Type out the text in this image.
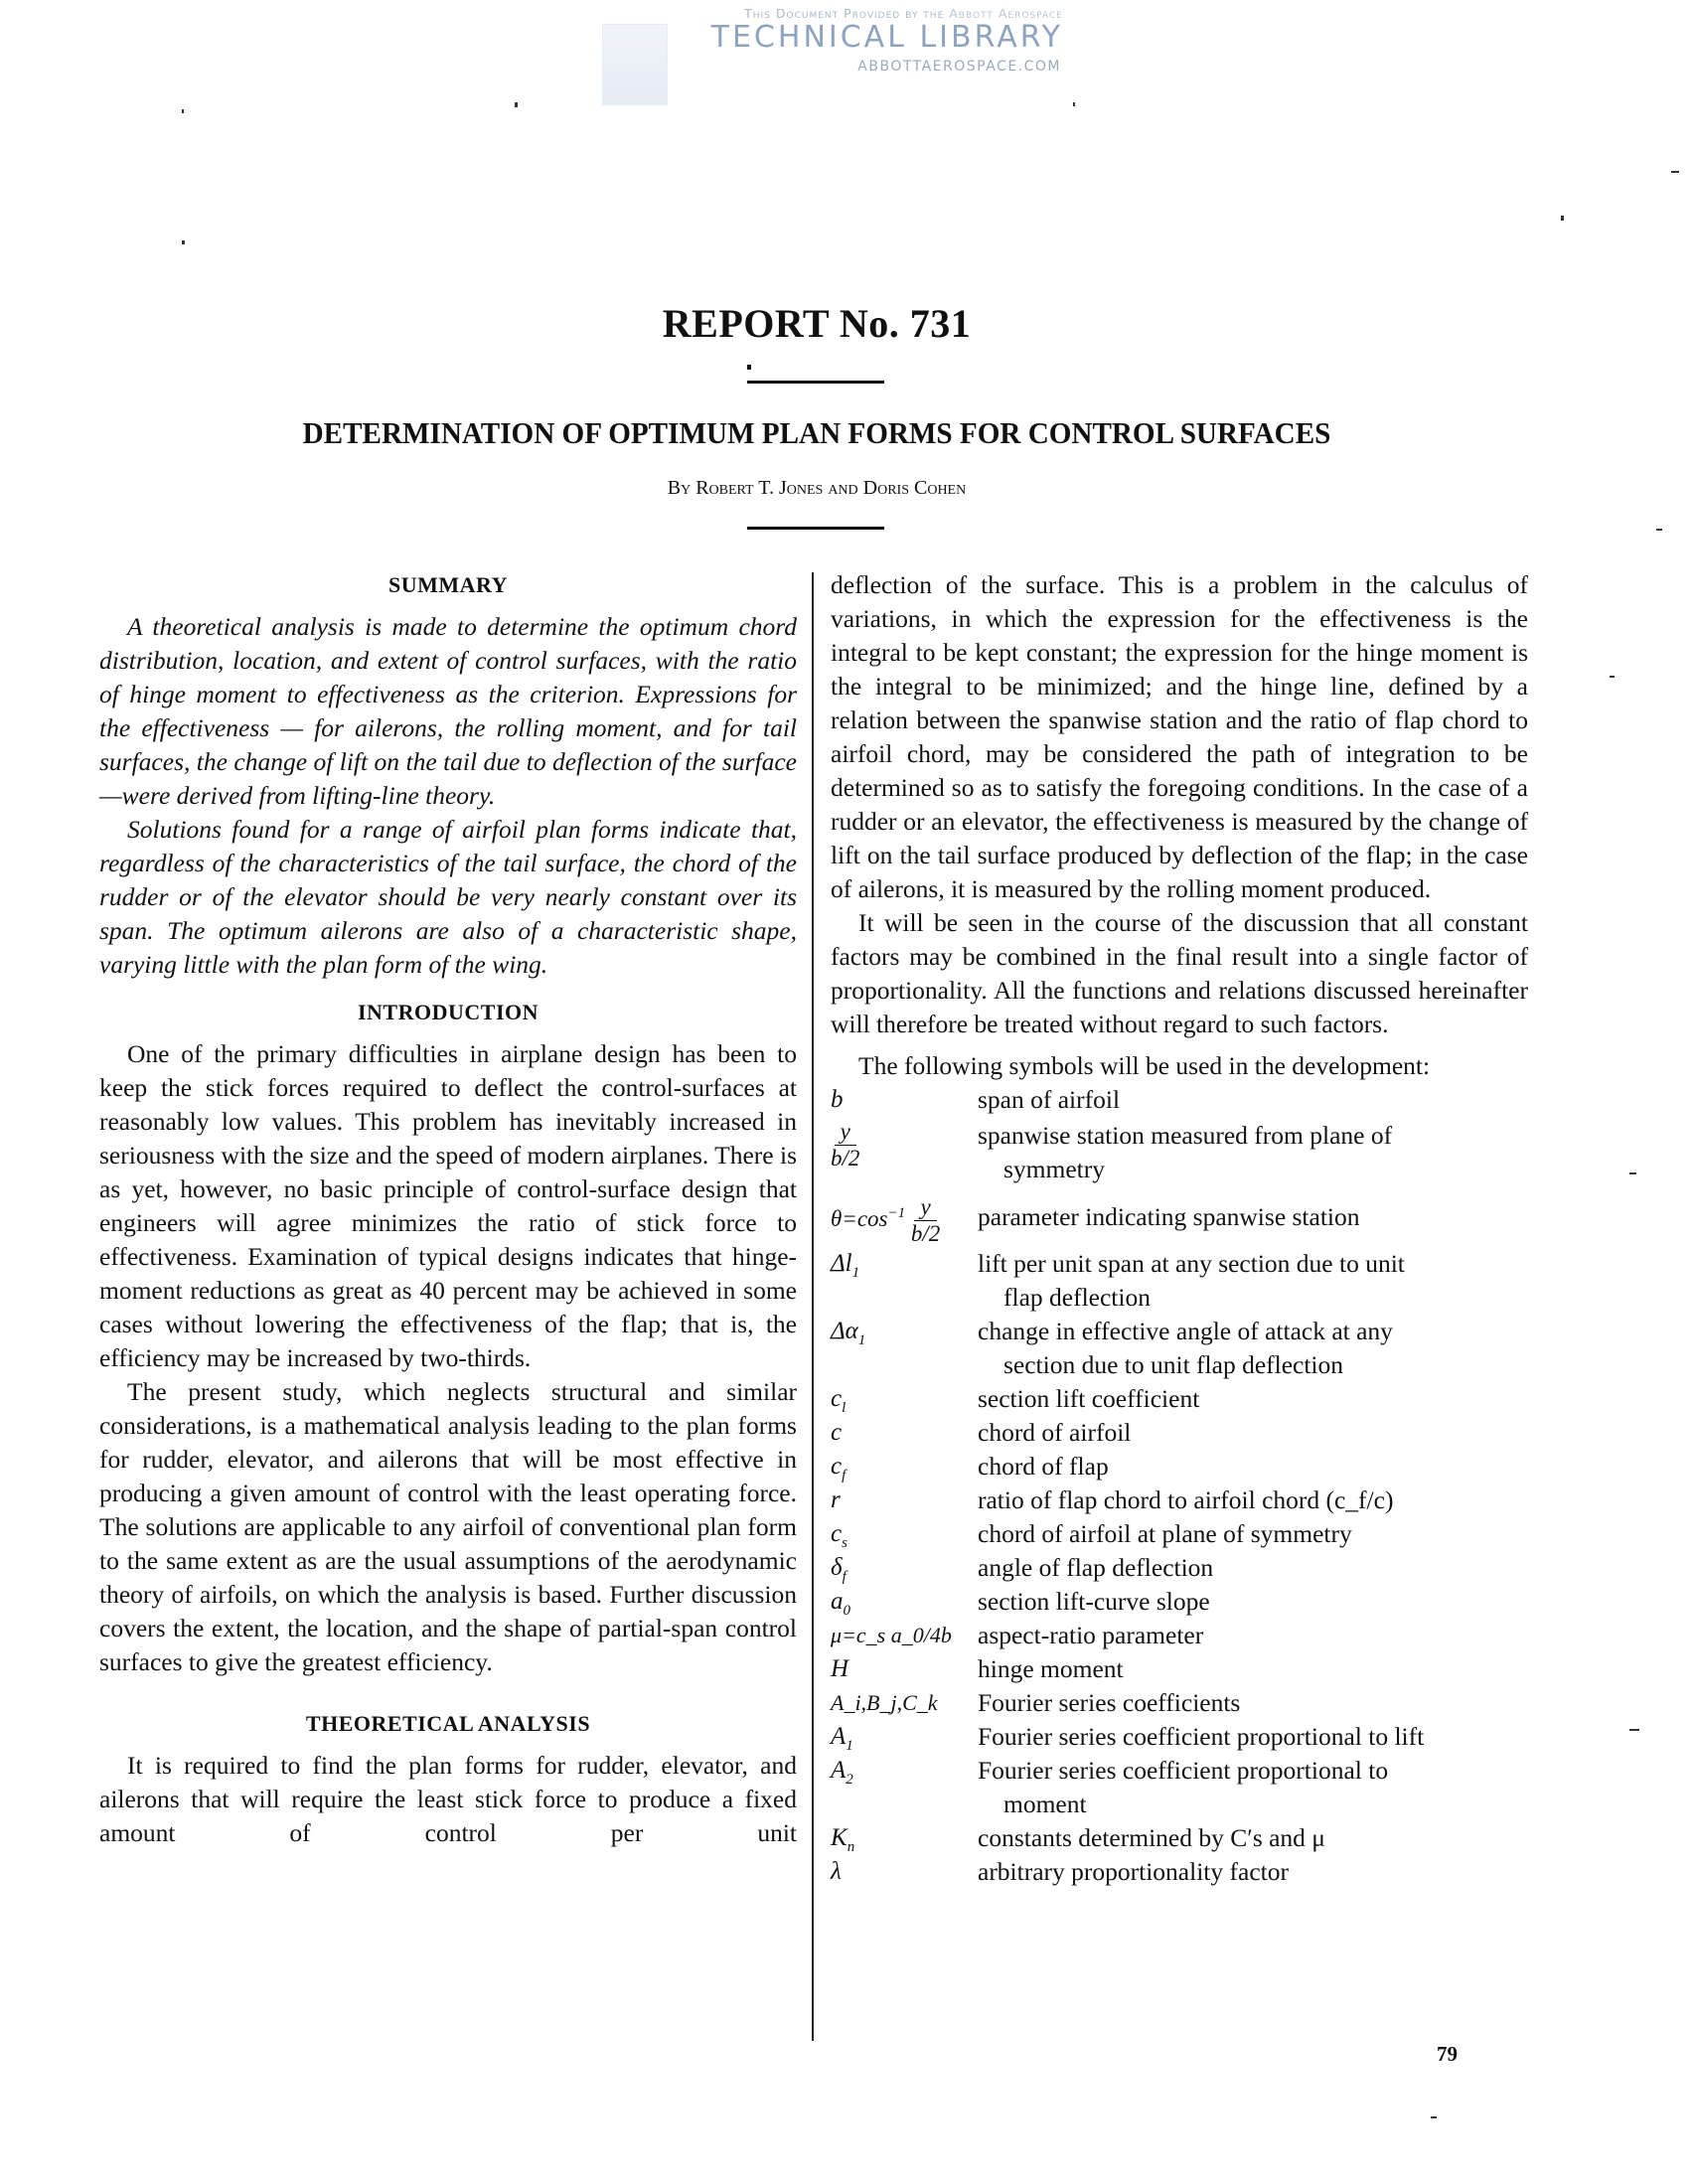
This Document Provided by the Abbott Aerospace
TECHNICAL LIBRARY
ABBOTTAEROSPACE.COM
REPORT No. 731
DETERMINATION OF OPTIMUM PLAN FORMS FOR CONTROL SURFACES
By Robert T. Jones and Doris Cohen
SUMMARY

A theoretical analysis is made to determine the optimum chord distribution, location, and extent of control surfaces, with the ratio of hinge moment to effectiveness as the criterion. Expressions for the effectiveness — for ailerons, the rolling moment, and for tail surfaces, the change of lift on the tail due to deflection of the surface—were derived from lifting-line theory.

Solutions found for a range of airfoil plan forms indicate that, regardless of the characteristics of the tail surface, the chord of the rudder or of the elevator should be very nearly constant over its span. The optimum ailerons are also of a characteristic shape, varying little with the plan form of the wing.

INTRODUCTION

One of the primary difficulties in airplane design has been to keep the stick forces required to deflect the control-surfaces at reasonably low values. This problem has inevitably increased in seriousness with the size and the speed of modern airplanes. There is as yet, however, no basic principle of control-surface design that engineers will agree minimizes the ratio of stick force to effectiveness. Examination of typical designs indicates that hinge-moment reductions as great as 40 percent may be achieved in some cases without lowering the effectiveness of the flap; that is, the efficiency may be increased by two-thirds.

The present study, which neglects structural and similar considerations, is a mathematical analysis leading to the plan forms for rudder, elevator, and ailerons that will be most effective in producing a given amount of control with the least operating force. The solutions are applicable to any airfoil of conventional plan form to the same extent as are the usual assumptions of the aerodynamic theory of airfoils, on which the analysis is based. Further discussion covers the extent, the location, and the shape of partial-span control surfaces to give the greatest efficiency.

THEORETICAL ANALYSIS

It is required to find the plan forms for rudder, elevator, and ailerons that will require the least stick force to produce a fixed amount of control per unit

deflection of the surface. This is a problem in the calculus of variations, in which the expression for the effectiveness is the integral to be kept constant; the expression for the hinge moment is the integral to be minimized; and the hinge line, defined by a relation between the spanwise station and the ratio of flap chord to airfoil chord, may be considered the path of integration to be determined so as to satisfy the foregoing conditions. In the case of a rudder or an elevator, the effectiveness is measured by the change of lift on the tail surface produced by deflection of the flap; in the case of ailerons, it is measured by the rolling moment produced.

It will be seen in the course of the discussion that all constant factors may be combined in the final result into a single factor of proportionality. All the functions and relations discussed hereinafter will therefore be treated without regard to such factors.

The following symbols will be used in the development:

b	span of airfoil
$\frac{y}{b/2}$	spanwise station measured from plane of
symmetry
$\theta=\cos^{-1} \frac{y}{b/2}$ parameter indicating spanwise station
$\Delta l_1$	lift per unit span at any section due to unit
flap deflection
$\Delta\alpha_1$	change in effective angle of attack at any
section due to unit flap deflection
$c_l$	section lift coefficient
c	chord of airfoil
$c_f$	chord of flap
r	ratio of flap chord to airfoil chord (c_f/c)
$c_s$	chord of airfoil at plane of symmetry
$\delta_f$	angle of flap deflection
$a_0$	section lift-curve slope
μ=c_s a_0/4b	aspect-ratio parameter
H	hinge moment
A_i,B_j,C_k	Fourier series coefficients
$A_1$	Fourier series coefficient proportional to lift
$A_2$	Fourier series coefficient proportional to
moment
$K_n$	constants determined by C′s and μ
λ	arbitrary proportionality factor
79
